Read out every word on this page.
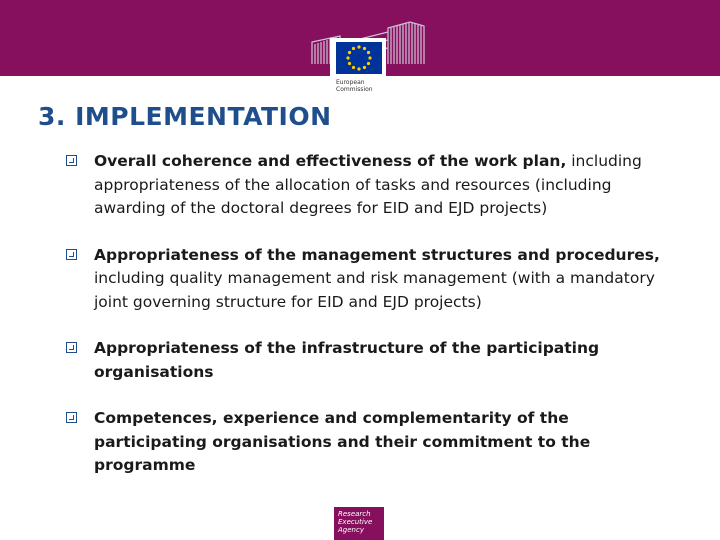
European
Commission
3. IMPLEMENTATION
Overall coherence and effectiveness of the work plan, including appropriateness of the allocation of tasks and resources (including awarding of the doctoral degrees for EID and EJD projects)
Appropriateness of the management structures and procedures, including quality management and risk management (with a mandatory joint governing structure for EID and EJD projects)
Appropriateness of the infrastructure of the participating organisations
Competences, experience and complementarity of the participating organisations and their commitment to the programme
Research
Executive
Agency
